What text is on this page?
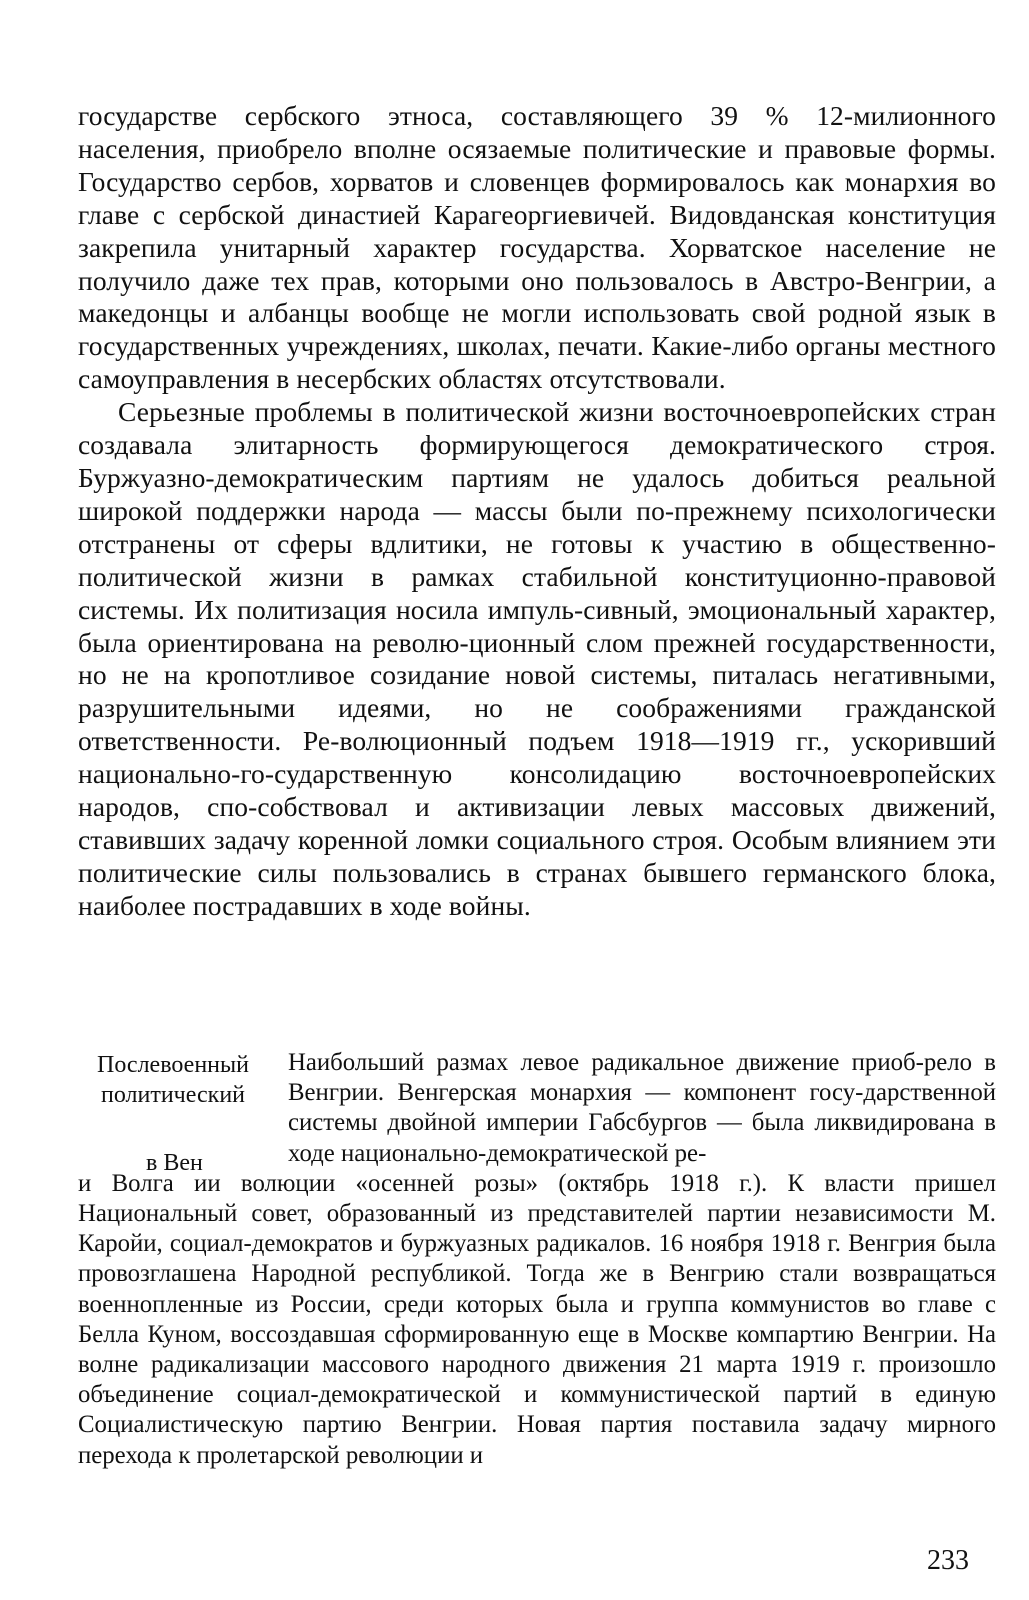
государстве сербского этноса, составляющего 39 % 12-милионного населения, приобрело вполне осязаемые политические и правовые формы. Государство сербов, хорватов и словенцев формировалось как монархия во главе с сербской династией Карагеоргиевичей. Видовданская конституция закрепила унитарный характер государства. Хорватское население не получило даже тех прав, которыми оно пользовалось в Австро-Венгрии, а македонцы и албанцы вообще не могли использовать свой родной язык в государственных учреждениях, школах, печати. Какие-либо органы местного самоуправления в несербских областях отсутствовали.

Серьезные проблемы в политической жизни восточноевропейских стран создавала элитарность формирующегося демократического строя. Буржуазно-демократическим партиям не удалось добиться реальной широкой поддержки народа — массы были по-прежнему психологически отстранены от сферы вдлитики, не готовы к участию в общественно-политической жизни в рамках стабильной конституционно-правовой системы. Их политизация носила импуль-сивный, эмоциональный характер, была ориентирована на револю-ционный слом прежней государственности, но не на кропотливое созидание новой системы, питалась негативными, разрушительными идеями, но не соображениями гражданской ответственности. Ре-волюционный подъем 1918—1919 гг., ускоривший национально-го-сударственную консолидацию восточноевропейских народов, спо-собствовал и активизации левых массовых движений, ставивших задачу коренной ломки социального строя. Особым влиянием эти политические силы пользовались в странах бывшего германского блока, наиболее пострадавших в ходе войны.

Послевоенный
политический
в Вен

Наибольший размах левое радикальное движение приоб-рело в Венгрии. Венгерская монархия — компонент госу-дарственной системы двойной империи Габсбургов — была ликвидирована в ходе национально-демократической ре-
и Волга ии волюции «осенней розы» (октябрь 1918 г.). К власти пришел Национальный совет, образованный из представителей партии независимости М. Каройи, социал-демократов и буржуазных радикалов. 16 ноября 1918 г. Венгрия была провозглашена Народной республикой. Тогда же в Венгрию стали возвращаться военнопленные из России, среди которых была и группа коммунистов во главе с Белла Куном, воссоздавшая сформированную еще в Москве компартию Венгрии. На волне радикализации массового народного движения 21 марта 1919 г. произошло объединение социал-демократической и коммунистической партий в единую Социалистическую партию Венгрии. Новая партия поставила задачу мирного перехода к пролетарской революции и

233
